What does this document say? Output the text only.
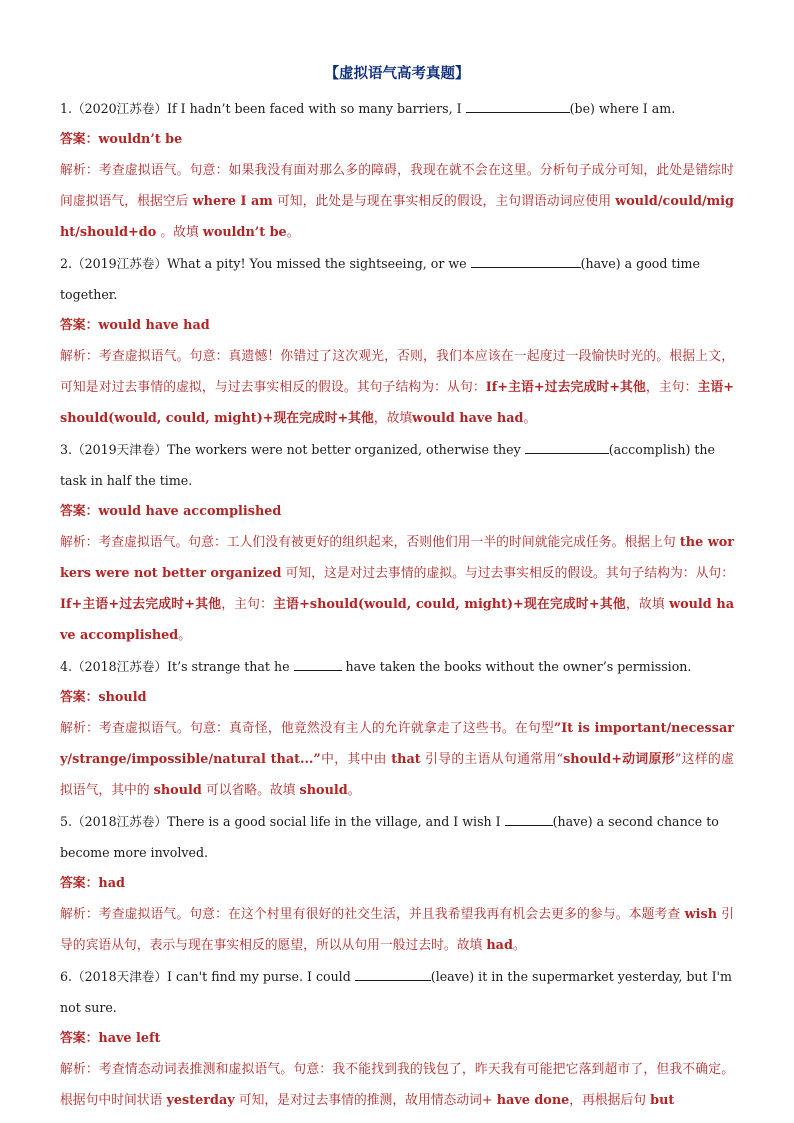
【虚拟语气高考真题】
1.（2020江苏卷）If I hadn’t been faced with so many barriers, I	(be) where I am.
答案：wouldn’t be
解析：考查虚拟语气。句意：如果我没有面对那么多的障碍，我现在就不会在这里。分析句子成分可知，此处是错综时间虚拟语气，根据空后 where I am 可知，此处是与现在事实相反的假设，主句谓语动词应使用 would/could/might/should+do 。故填 wouldn’t be。
2.（2019江苏卷）What a pity! You missed the sightseeing, or we	(have) a good time together.
答案：would have had
解析：考查虚拟语气。句意：真遗憾！你错过了这次观光，否则，我们本应该在一起度过一段愉快时光的。根据上文，可知是对过去事情的虚拟，与过去事实相反的假设。其句子结构为：从句：If+主语+过去完成时+其他，主句：主语+should(would, could, might)+现在完成时+其他，故填would have had。
3.（2019天津卷）The workers were not better organized, otherwise they	(accomplish) the task in half the time.
答案：would have accomplished
解析：考查虚拟语气。句意：工人们没有被更好的组织起来，否则他们用一半的时间就能完成任务。根据上句 the workers were not better organized 可知，这是对过去事情的虚拟。与过去事实相反的假设。其句子结构为：从句：If+主语+过去完成时+其他，主句：主语+should(would, could, might)+现在完成时+其他，故填 would have accomplished。
4.（2018江苏卷）It’s strange that he	have taken the books without the owner’s permission.
答案：should
解析：考查虚拟语气。句意：真奇怪，他竟然没有主人的允许就拿走了这些书。在句型”It is important/necessary/strange/impossible/natural that...”中，其中由 that 引导的主语从句通常用“should+动词原形”这样的虚拟语气，其中的 should 可以省略。故填 should。
5.（2018江苏卷）There is a good social life in the village, and I wish I	(have) a second chance to become more involved.
答案：had
解析：考查虚拟语气。句意：在这个村里有很好的社交生活，并且我希望我再有机会去更多的参与。本题考查 wish 引导的宾语从句，表示与现在事实相反的愿望，所以从句用一般过去时。故填 had。
6.（2018天津卷）I can't find my purse. I could	(leave) it in the supermarket yesterday, but I'm not sure.
答案：have left
解析：考查情态动词表推测和虚拟语气。句意：我不能找到我的钱包了，昨天我有可能把它落到超市了，但我不确定。根据句中时间状语 yesterday 可知，是对过去事情的推测，故用情态动词+ have done，再根据后句 but
